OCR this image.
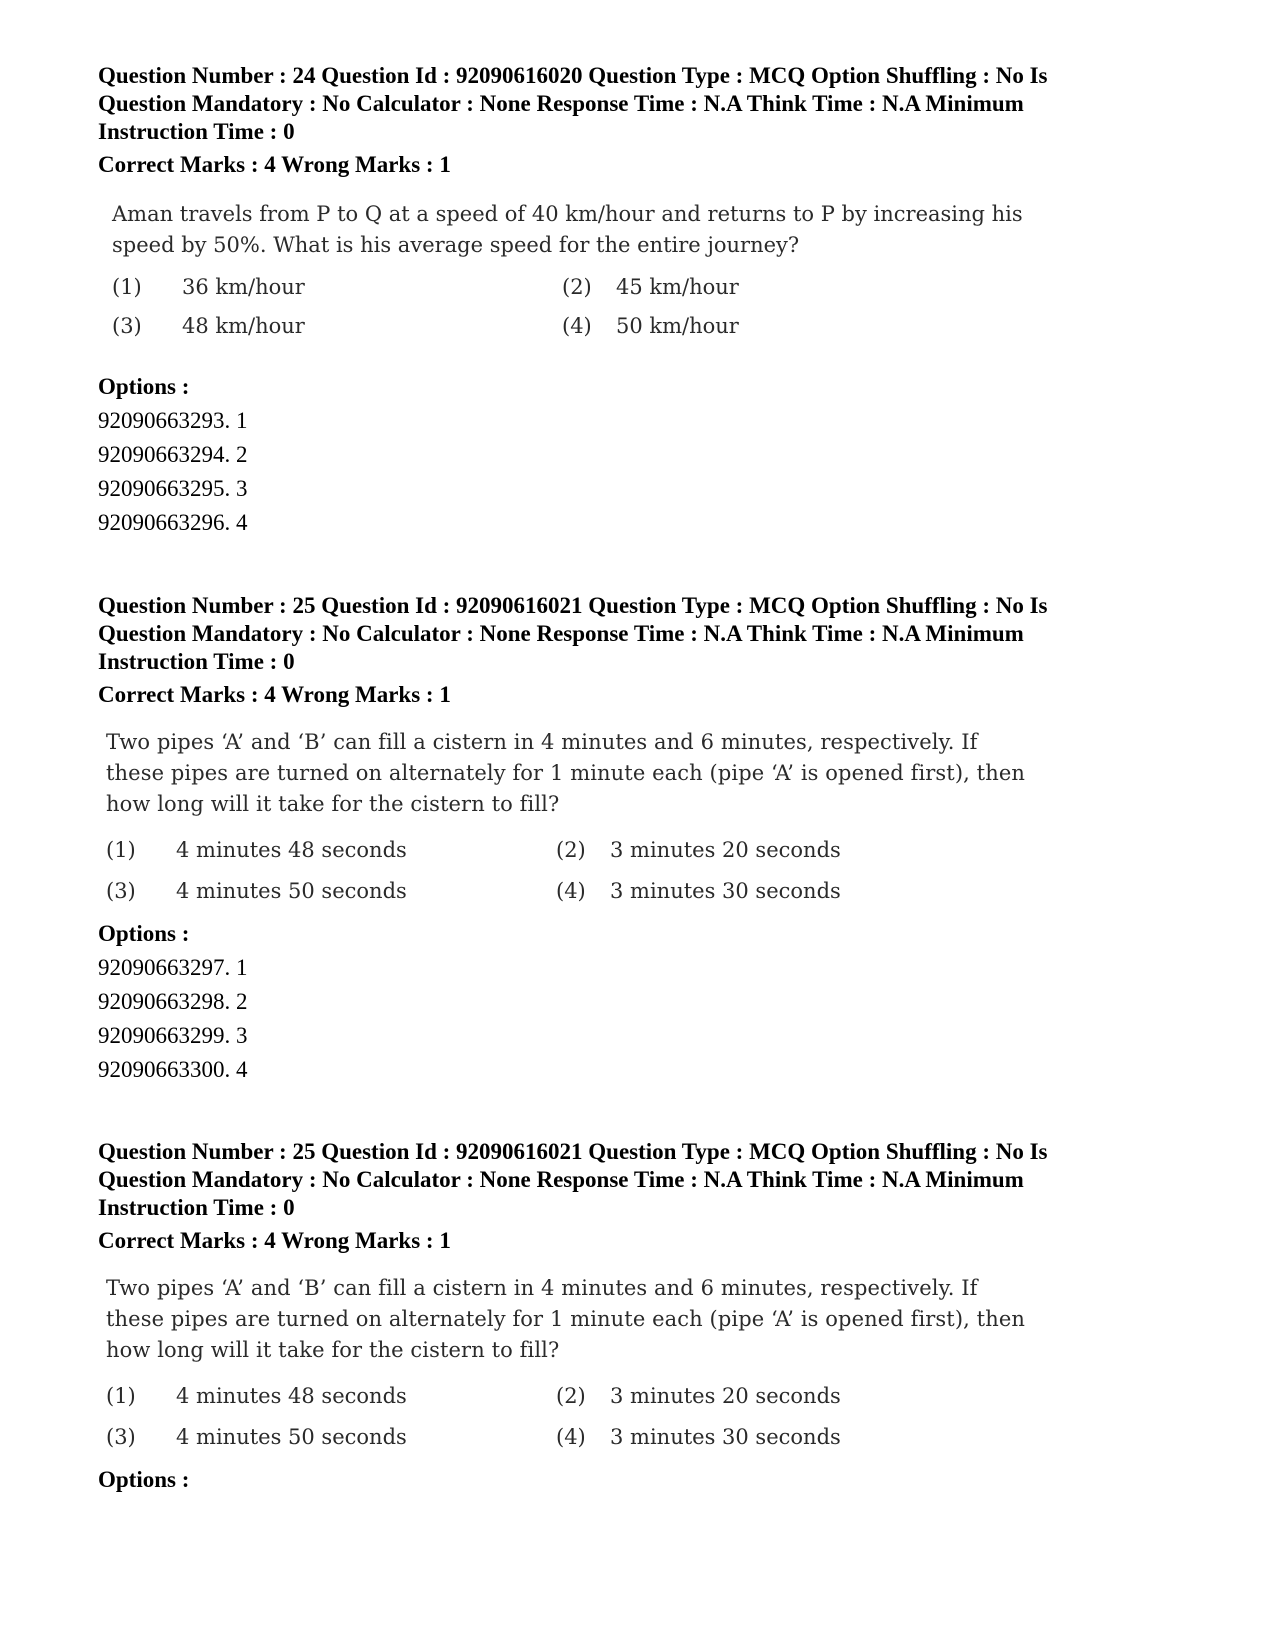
Question Number : 24 Question Id : 92090616020 Question Type : MCQ Option Shuffling : No Is
Question Mandatory : No Calculator : None Response Time : N.A Think Time : N.A Minimum
Instruction Time : 0
Correct Marks : 4 Wrong Marks : 1
Aman travels from P to Q at a speed of 40 km/hour and returns to P by increasing his
speed by 50%. What is his average speed for the entire journey?
(1) 36 km/hour	(2) 45 km/hour
(3) 48 km/hour	(4) 50 km/hour
Options :
92090663293. 1
92090663294. 2
92090663295. 3
92090663296. 4
Question Number : 25 Question Id : 92090616021 Question Type : MCQ Option Shuffling : No Is
Question Mandatory : No Calculator : None Response Time : N.A Think Time : N.A Minimum
Instruction Time : 0
Correct Marks : 4 Wrong Marks : 1
Two pipes ‘A’ and ‘B’ can fill a cistern in 4 minutes and 6 minutes, respectively. If
these pipes are turned on alternately for 1 minute each (pipe ‘A’ is opened first), then
how long will it take for the cistern to fill?
(1) 4 minutes 48 seconds	(2) 3 minutes 20 seconds
(3) 4 minutes 50 seconds	(4) 3 minutes 30 seconds
Options :
92090663297. 1
92090663298. 2
92090663299. 3
92090663300. 4
Question Number : 25 Question Id : 92090616021 Question Type : MCQ Option Shuffling : No Is
Question Mandatory : No Calculator : None Response Time : N.A Think Time : N.A Minimum
Instruction Time : 0
Correct Marks : 4 Wrong Marks : 1
Two pipes ‘A’ and ‘B’ can fill a cistern in 4 minutes and 6 minutes, respectively. If
these pipes are turned on alternately for 1 minute each (pipe ‘A’ is opened first), then
how long will it take for the cistern to fill?
(1) 4 minutes 48 seconds	(2) 3 minutes 20 seconds
(3) 4 minutes 50 seconds	(4) 3 minutes 30 seconds
Options :
